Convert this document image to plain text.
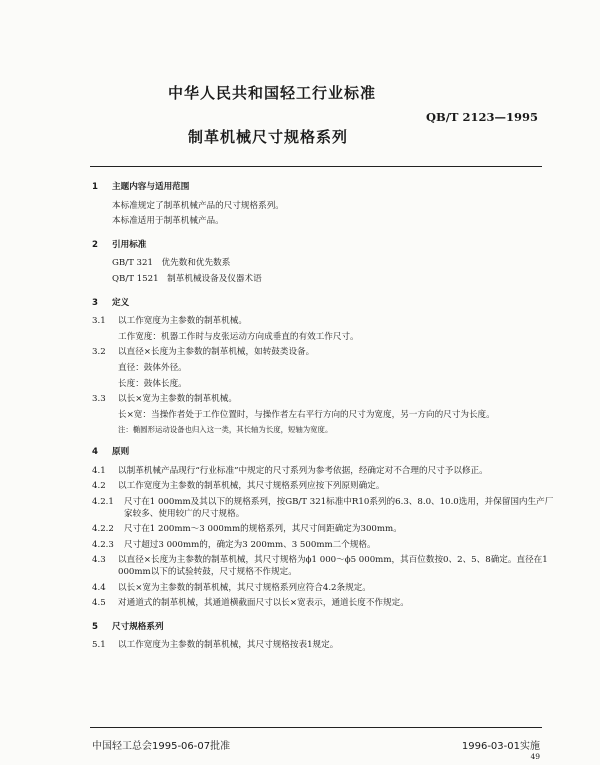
中华人民共和国轻工行业标准
QB/T 2123—1995
制革机械尺寸规格系列
1 主题内容与适用范围
本标准规定了制革机械产品的尺寸规格系列。
本标准适用于制革机械产品。
2 引用标准
GB/T 321　优先数和优先数系
QB/T 1521　制革机械设备及仪器术语
3 定义
3.1	以工作宽度为主参数的制革机械。
工作宽度：机器工作时与皮张运动方向成垂直的有效工作尺寸。
3.2	以直径×长度为主参数的制革机械，如转鼓类设备。
直径：鼓体外径。
长度：鼓体长度。
3.3	以长×宽为主参数的制革机械。
长×宽：当操作者处于工作位置时，与操作者左右平行方向的尺寸为宽度，另一方向的尺寸为长度。
注：椭圆形运动设备也归入这一类，其长轴为长度，短轴为宽度。
4 原则
4.1	以制革机械产品现行“行业标准”中规定的尺寸系列为参考依据，经确定对不合理的尺寸予以修正。
4.2	以工作宽度为主参数的制革机械，其尺寸规格系列应按下列原则确定。
4.2.1	尺寸在1 000mm及其以下的规格系列，按GB/T 321标准中R10系列的6.3、8.0、10.0选用，并保留国内生产厂家较多、使用较广的尺寸规格。
4.2.2	尺寸在1 200mm～3 000mm的规格系列，其尺寸间距确定为300mm。
4.2.3	尺寸超过3 000mm的，确定为3 200mm、3 500mm二个规格。
4.3	以直径×长度为主参数的制革机械，其尺寸规格为ϕ1 000～ϕ5 000mm，其百位数按0、2、5、8确定。直径在1 000mm以下的试验转鼓，尺寸规格不作规定。
4.4	以长×宽为主参数的制革机械，其尺寸规格系列应符合4.2条规定。
4.5	对通道式的制革机械，其通道横截面尺寸以长×宽表示，通道长度不作规定。
5 尺寸规格系列
5.1	以工作宽度为主参数的制革机械，其尺寸规格按表1规定。
中国轻工总会1995-06-07批准	1996-03-01实施
49
